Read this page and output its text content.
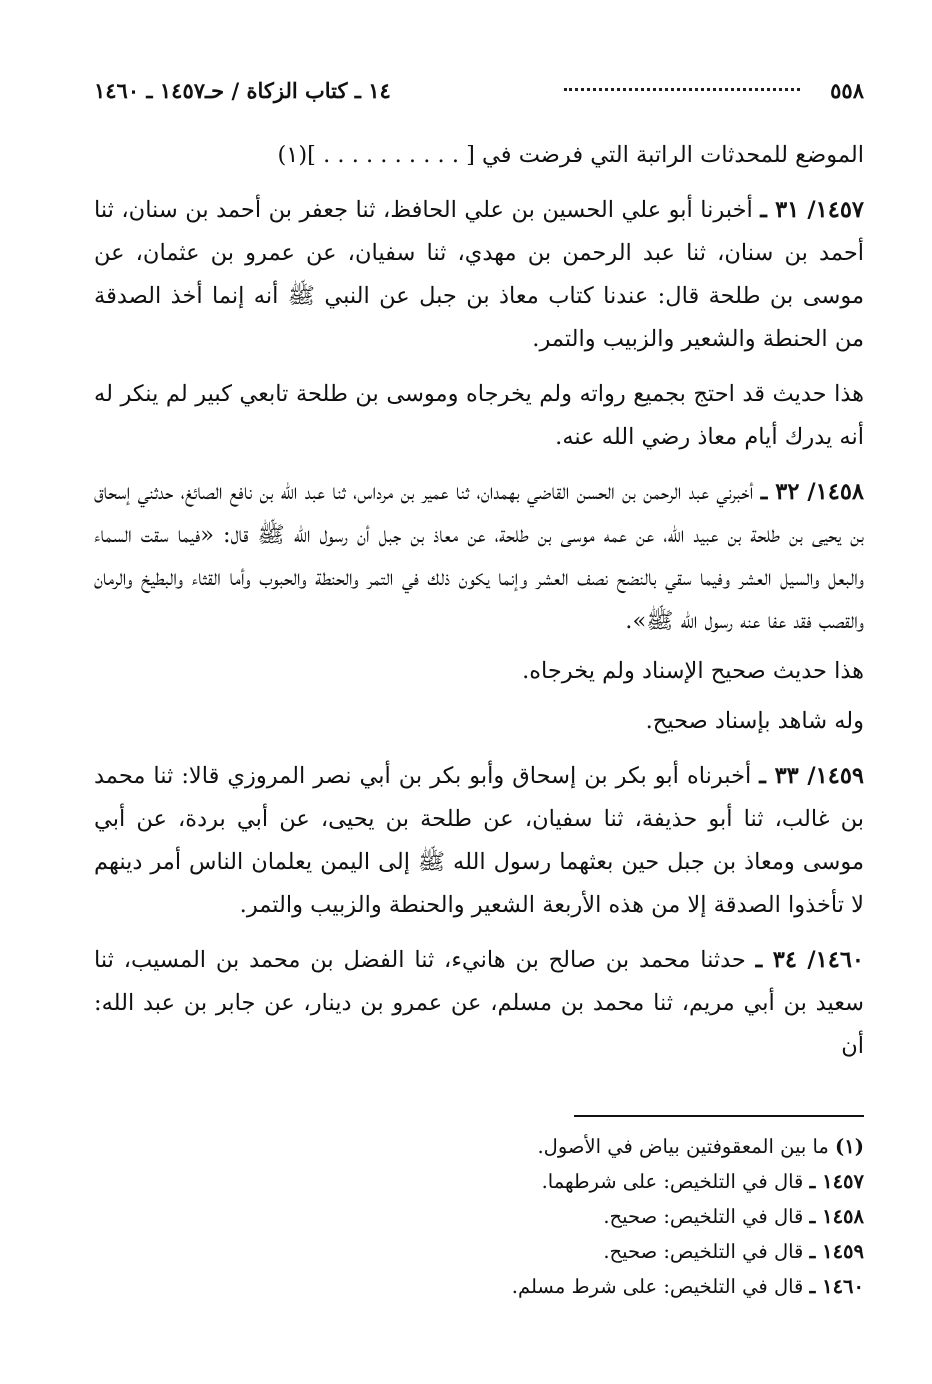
٥٥٨
١٤ ـ كتاب الزكاة / حـ١٤٥٧ ـ ١٤٦٠

الموضع للمحدثات الراتبة التي فرضت في [ . . . . . . . . . . ](١)

١٤٥٧/ ٣١ ـ أخبرنا أبو علي الحسين بن علي الحافظ، ثنا جعفر بن أحمد بن سنان، ثنا أحمد بن سنان، ثنا عبد الرحمن بن مهدي، ثنا سفيان، عن عمرو بن عثمان، عن موسى بن طلحة قال: عندنا كتاب معاذ بن جبل عن النبي ﷺ أنه إنما أخذ الصدقة من الحنطة والشعير والزبيب والتمر.

هذا حديث قد احتج بجميع رواته ولم يخرجاه وموسى بن طلحة تابعي كبير لم ينكر له أنه يدرك أيام معاذ رضي الله عنه.

١٤٥٨/ ٣٢ ـ أخبرني عبد الرحمن بن الحسن القاضي بهمدان، ثنا عمير بن مرداس، ثنا عبد الله بن نافع الصائغ، حدثني إسحاق بن يحيى بن طلحة بن عبيد الله، عن عمه موسى بن طلحة، عن معاذ بن جبل أن رسول الله ﷺ قال: «فيما سقت السماء والبعل والسيل العشر وفيما سقي بالنضح نصف العشر وإنما يكون ذلك في التمر والحنطة والحبوب وأما القثاء والبطيخ والرمان والقصب فقد عفا عنه رسول الله ﷺ».

هذا حديث صحيح الإسناد ولم يخرجاه.

وله شاهد بإسناد صحيح.

١٤٥٩/ ٣٣ ـ أخبرناه أبو بكر بن إسحاق وأبو بكر بن أبي نصر المروزي قالا: ثنا محمد بن غالب، ثنا أبو حذيفة، ثنا سفيان، عن طلحة بن يحيى، عن أبي بردة، عن أبي موسى ومعاذ بن جبل حين بعثهما رسول الله ﷺ إلى اليمن يعلمان الناس أمر دينهم لا تأخذوا الصدقة إلا من هذه الأربعة الشعير والحنطة والزبيب والتمر.

١٤٦٠/ ٣٤ ـ حدثنا محمد بن صالح بن هانيء، ثنا الفضل بن محمد بن المسيب، ثنا سعيد بن أبي مريم، ثنا محمد بن مسلم، عن عمرو بن دينار، عن جابر بن عبد الله: أن

(١) ما بين المعقوفتين بياض في الأصول.
١٤٥٧ ـ قال في التلخيص: على شرطهما.
١٤٥٨ ـ قال في التلخيص: صحيح.
١٤٥٩ ـ قال في التلخيص: صحيح.
١٤٦٠ ـ قال في التلخيص: على شرط مسلم.
